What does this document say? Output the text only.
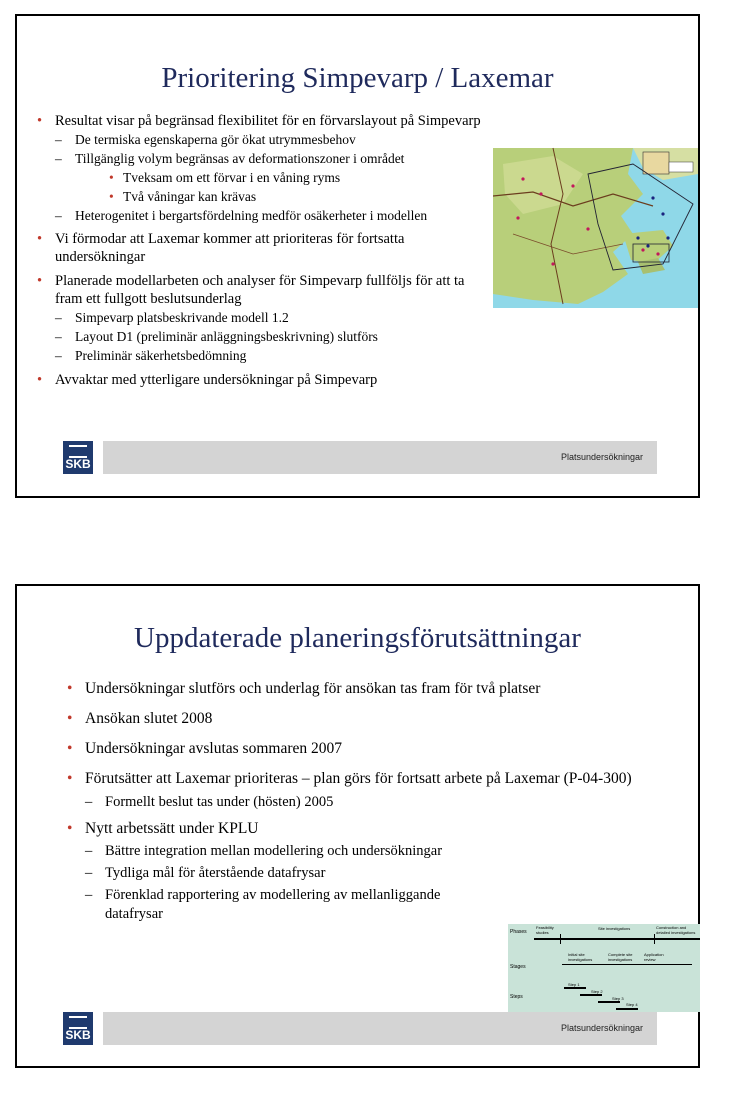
Prioritering Simpevarp / Laxemar
• Resultat visar på begränsad flexibilitet för en förvarslayout på Simpevarp
– De termiska egenskaperna gör ökat utrymmesbehov
– Tillgänglig volym begränsas av deformationszoner i området
• Tveksam om ett förvar i en våning ryms
• Två våningar kan krävas
– Heterogenitet i bergartsfördelning medför osäkerheter i modellen
• Vi förmodar att Laxemar kommer att prioriteras för fortsatta undersökningar
• Planerade modellarbeten och analyser för Simpevarp fullföljs för att ta fram ett fullgott beslutsunderlag
– Simpevarp platsbeskrivande modell 1.2
– Layout D1 (preliminär anläggningsbeskrivning) slutförs
– Preliminär säkerhetsbedömning
• Avvaktar med ytterligare undersökningar på Simpevarp
SKB	Platsundersökningar
Uppdaterade planeringsförutsättningar
• Undersökningar slutförs och underlag för ansökan tas fram för två platser
• Ansökan slutet 2008
• Undersökningar avslutas sommaren 2007
• Förutsätter att Laxemar prioriteras – plan görs för fortsatt arbete på Laxemar (P-04-300)
– Formellt beslut tas under (hösten) 2005
• Nytt arbetssätt under KPLU
– Bättre integration mellan modellering och undersökningar
– Tydliga mål för återstående datafrysar
– Förenklad rapportering av modellering av mellanliggande datafrysar
Phases
Stages
Steps
Feasibility studies
Site investigations	Construction and detailed investigations
Initial site investigations
Complete site investigations
Application review
Step 1
Step 2
Step 3
Step 4
SKB	Platsundersökningar
